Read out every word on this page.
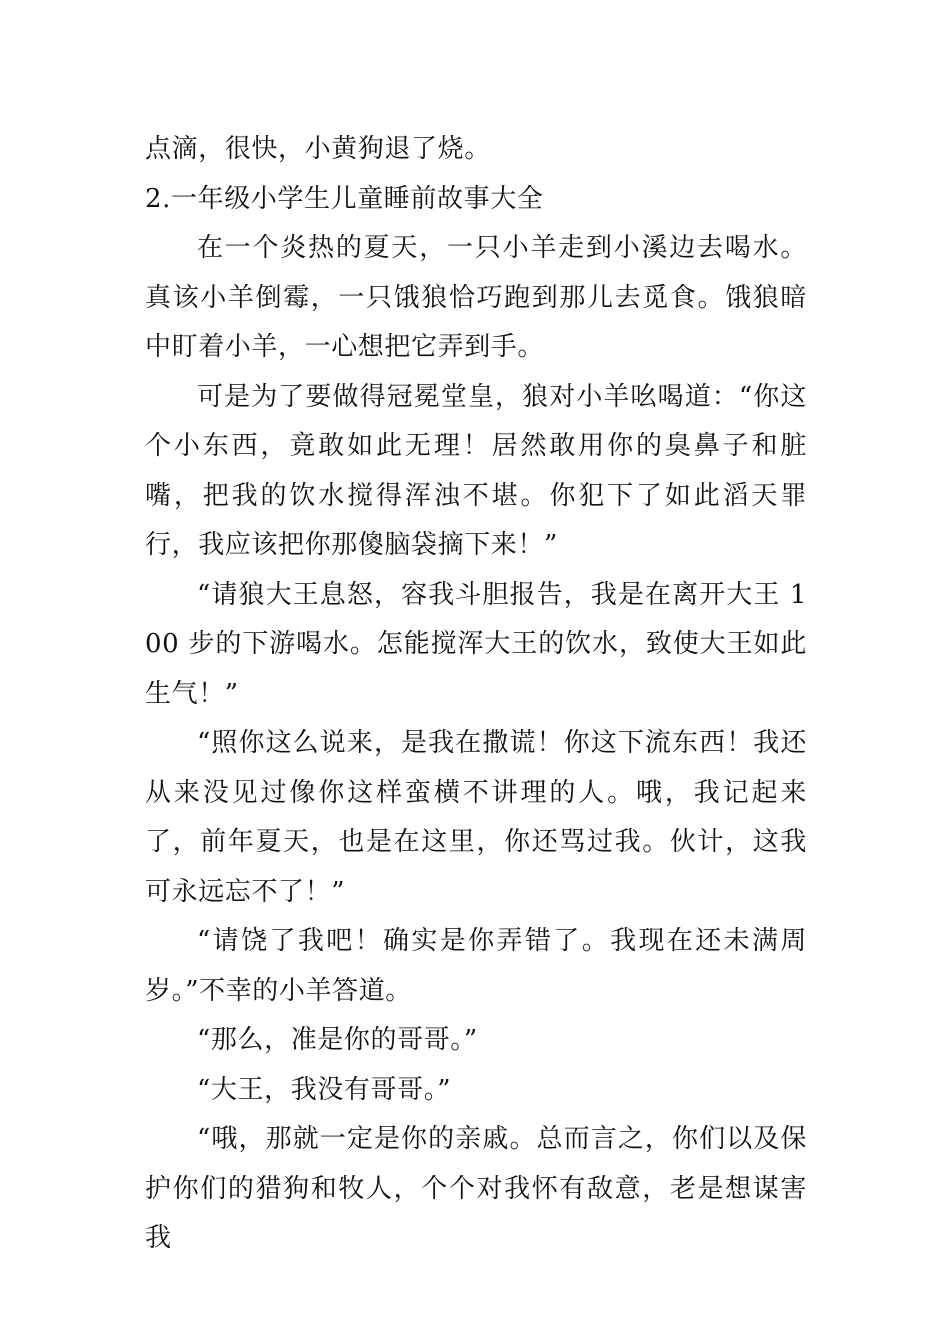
点滴，很快，小黄狗退了烧。

2.一年级小学生儿童睡前故事大全

在一个炎热的夏天，一只小羊走到小溪边去喝水。真该小羊倒霉，一只饿狼恰巧跑到那儿去觅食。饿狼暗中盯着小羊，一心想把它弄到手。

可是为了要做得冠冕堂皇，狼对小羊吆喝道：“你这个小东西，竟敢如此无理！居然敢用你的臭鼻子和脏嘴，把我的饮水搅得浑浊不堪。你犯下了如此滔天罪行，我应该把你那傻脑袋摘下来！”

“请狼大王息怒，容我斗胆报告，我是在离开大王 100 步的下游喝水。怎能搅浑大王的饮水，致使大王如此生气！”

“照你这么说来，是我在撒谎！你这下流东西！我还从来没见过像你这样蛮横不讲理的人。哦，我记起来了，前年夏天，也是在这里，你还骂过我。伙计，这我可永远忘不了！”

“请饶了我吧！确实是你弄错了。我现在还未满周岁。”不幸的小羊答道。

“那么，准是你的哥哥。”

“大王，我没有哥哥。”

“哦，那就一定是你的亲戚。总而言之，你们以及保护你们的猎狗和牧人，个个对我怀有敌意，老是想谋害我
